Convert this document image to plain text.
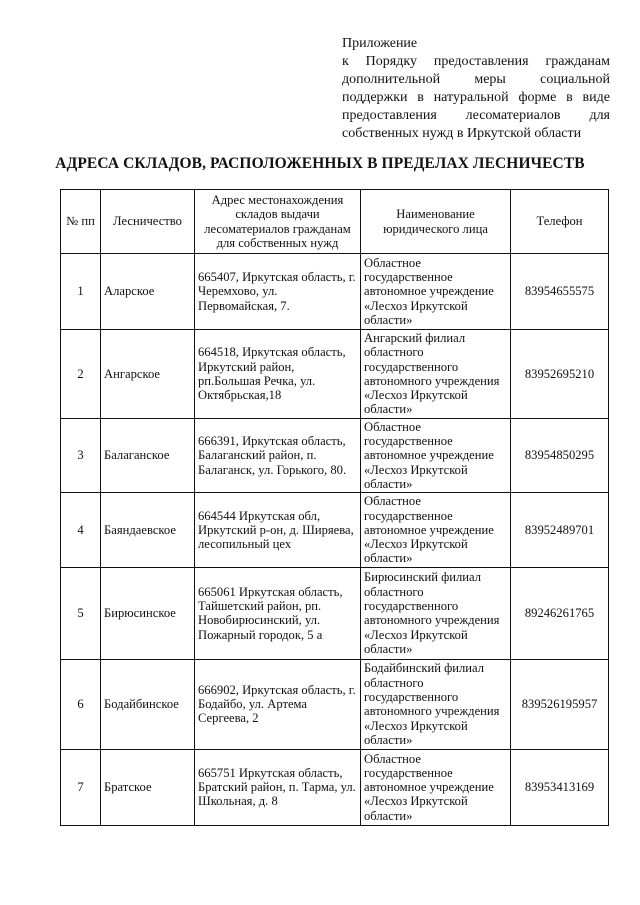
Приложение
к Порядку предоставления гражданам
дополнительной меры социальной
поддержки в натуральной форме в виде
предоставления лесоматериалов для
собственных нужд в Иркутской области
АДРЕСА СКЛАДОВ, РАСПОЛОЖЕННЫХ В ПРЕДЕЛАХ ЛЕСНИЧЕСТВ
№ пп	Лесничество	Адрес местонахождения складов выдачи лесоматериалов гражданам для собственных нужд	Наименование юридического лица	Телефон
1	Аларское	665407, Иркутская область, г. Черемхово, ул. Первомайская, 7.	Областное государственное автономное учреждение «Лесхоз Иркутской области»	83954655575
2	Ангарское	664518, Иркутская область, Иркутский район, рп.Большая Речка, ул. Октябрьская,18	Ангарский филиал областного государственного автономного учреждения «Лесхоз Иркутской области»	83952695210
3	Балаганское	666391, Иркутская область, Балаганский район, п. Балаганск, ул. Горького, 80.	Областное государственное автономное учреждение «Лесхоз Иркутской области»	83954850295
4	Баяндаевское	664544 Иркутская обл, Иркутский р-он, д. Ширяева, лесопильный цех	Областное государственное автономное учреждение «Лесхоз Иркутской области»	83952489701
5	Бирюсинское	665061 Иркутская область, Тайшетский район, рп. Новобирюсинский, ул. Пожарный городок, 5 а	Бирюсинский филиал областного государственного автономного учреждения «Лесхоз Иркутской области»	89246261765
6	Бодайбинское	666902, Иркутская область, г. Бодайбо, ул. Артема Сергеева, 2	Бодайбинский филиал областного государственного автономного учреждения «Лесхоз Иркутской области»	839526195957
7	Братское	665751 Иркутская область, Братский район, п. Тарма, ул. Школьная, д. 8	Областное государственное автономное учреждение «Лесхоз Иркутской области»	83953413169
